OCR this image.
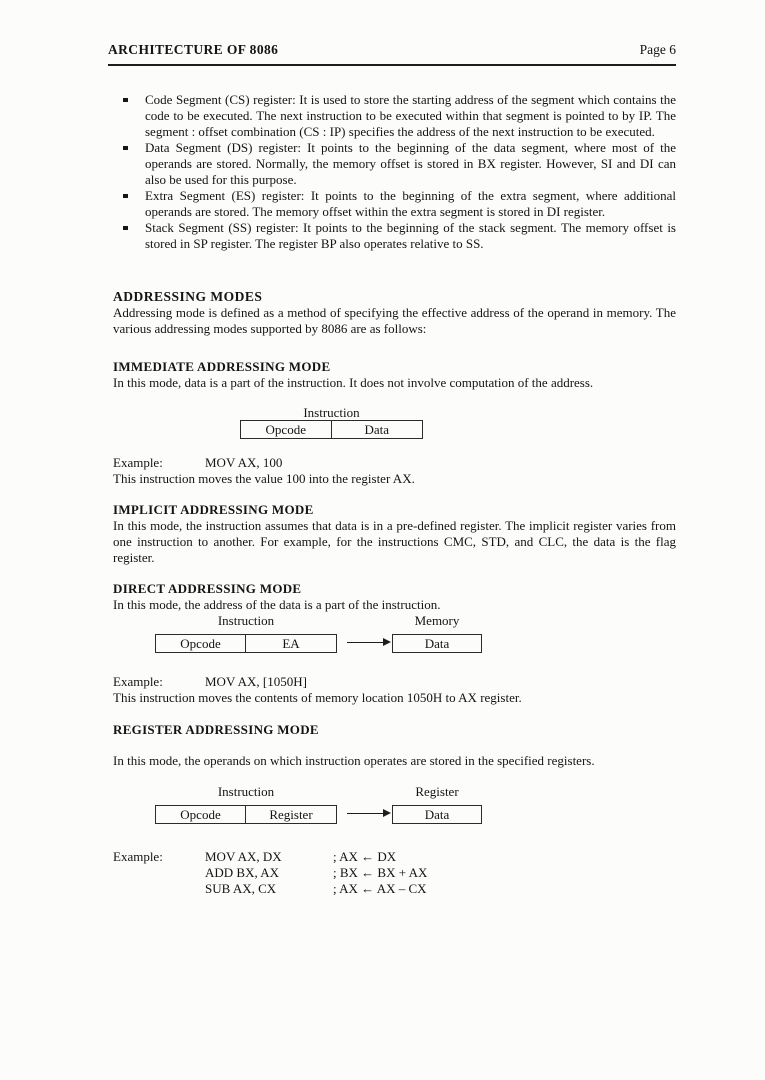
ARCHITECTURE OF 8086	Page 6
Code Segment (CS) register: It is used to store the starting address of the segment which contains the code to be executed. The next instruction to be executed within that segment is pointed to by IP. The segment : offset combination (CS : IP) specifies the address of the next instruction to be executed.
Data Segment (DS) register: It points to the beginning of the data segment, where most of the operands are stored. Normally, the memory offset is stored in BX register. However, SI and DI can also be used for this purpose.
Extra Segment (ES) register: It points to the beginning of the extra segment, where additional operands are stored. The memory offset within the extra segment is stored in DI register.
Stack Segment (SS) register: It points to the beginning of the stack segment. The memory offset is stored in SP register. The register BP also operates relative to SS.
ADDRESSING MODES

Addressing mode is defined as a method of specifying the effective address of the operand in memory. The various addressing modes supported by 8086 are as follows:

IMMEDIATE ADDRESSING MODE

In this mode, data is a part of the instruction. It does not involve computation of the address.

Instruction
Opcode	Data
Example:	MOV AX, 100

This instruction moves the value 100 into the register AX.

IMPLICIT ADDRESSING MODE

In this mode, the instruction assumes that data is in a pre-defined register. The implicit register varies from one instruction to another. For example, for the instructions CMC, STD, and CLC, the data is the flag register.

DIRECT ADDRESSING MODE

In this mode, the address of the data is a part of the instruction.

Instruction	Memory
Opcode	EA	Data
Example:	MOV AX, [1050H]

This instruction moves the contents of memory location 1050H to AX register.

REGISTER ADDRESSING MODE

In this mode, the operands on which instruction operates are stored in the specified registers.

Instruction	Register
Opcode	Register	Data
Example:	MOV AX, DX	; AX ← DX
ADD BX, AX	; BX ← BX + AX
SUB AX, CX	; AX ← AX – CX
